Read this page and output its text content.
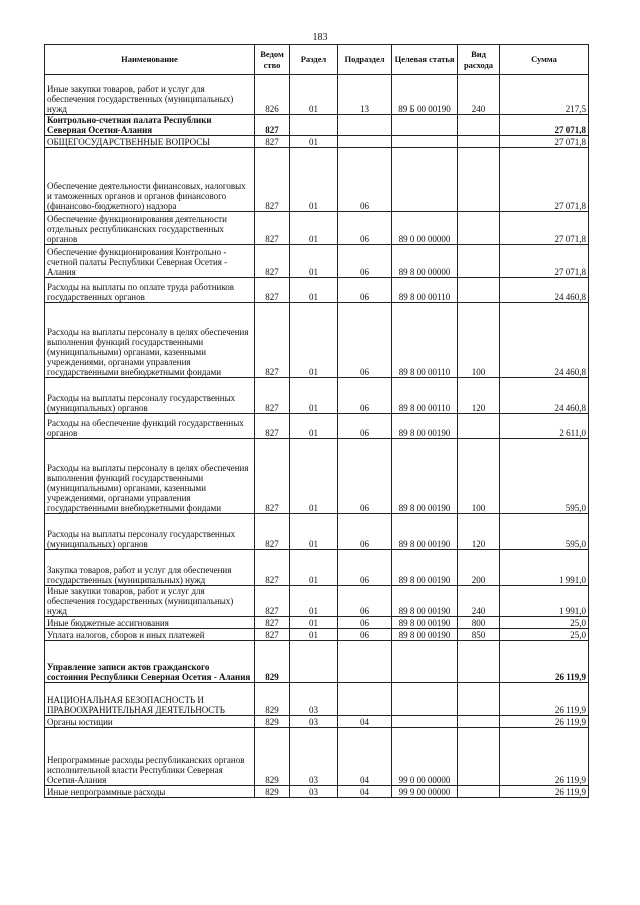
183
Наименование	Ведом ство	Раздел	Подраздел	Целевая статья	Вид расхода	Сумма
Иные закупки товаров, работ и услуг для обеспечения государственных (муниципальных) нужд	826	01	13	89 Б 00 00190	240	217,5
Контрольно-счетная палата Республики Северная Осетия-Алания	827					27 071,8
ОБЩЕГОСУДАРСТВЕННЫЕ ВОПРОСЫ	827	01				27 071,8
Обеспечение деятельности финансовых, налоговых и таможенных органов и органов финансового (финансово-бюджетного) надзора	827	01	06			27 071,8
Обеспечение функционирования деятельности отдельных республиканских государственных органов	827	01	06	89 0 00 00000		27 071,8
Обеспечение функционирования Контрольно - счетной палаты Республики Северная Осетия - Алания	827	01	06	89 8 00 00000		27 071,8
Расходы на выплаты по оплате труда работников государственных органов	827	01	06	89 8 00 00110		24 460,8
Расходы на выплаты персоналу в целях обеспечения выполнения функций государственными (муниципальными) органами, казенными учреждениями, органами управления государственными внебюджетными фондами	827	01	06	89 8 00 00110	100	24 460,8
Расходы на выплаты персоналу государственных (муниципальных) органов	827	01	06	89 8 00 00110	120	24 460,8
Расходы на обеспечение функций государственных органов	827	01	06	89 8 00 00190		2 611,0
Расходы на выплаты персоналу в целях обеспечения выполнения функций государственными (муниципальными) органами, казенными учреждениями, органами управления государственными внебюджетными фондами	827	01	06	89 8 00 00190	100	595,0
Расходы на выплаты персоналу государственных (муниципальных) органов	827	01	06	89 8 00 00190	120	595,0
Закупка товаров, работ и услуг для обеспечения государственных (муниципальных) нужд	827	01	06	89 8 00 00190	200	1 991,0
Иные закупки товаров, работ и услуг для обеспечения государственных (муниципальных) нужд	827	01	06	89 8 00 00190	240	1 991,0
Иные бюджетные ассигнования	827	01	06	89 8 00 00190	800	25,0
Уплата налогов, сборов и иных платежей	827	01	06	89 8 00 00190	850	25,0
Управление записи актов гражданского состояния Республики Северная Осетия - Алания	829					26 119,9
НАЦИОНАЛЬНАЯ БЕЗОПАСНОСТЬ И ПРАВООХРАНИТЕЛЬНАЯ ДЕЯТЕЛЬНОСТЬ	829	03				26 119,9
Органы юстиции	829	03	04			26 119,9
Непрограммные расходы республиканских органов исполнительной власти Республики Северная Осетия-Алания	829	03	04	99 0 00 00000		26 119,9
Иные непрограммные расходы	829	03	04	99 9 00 00000		26 119,9
